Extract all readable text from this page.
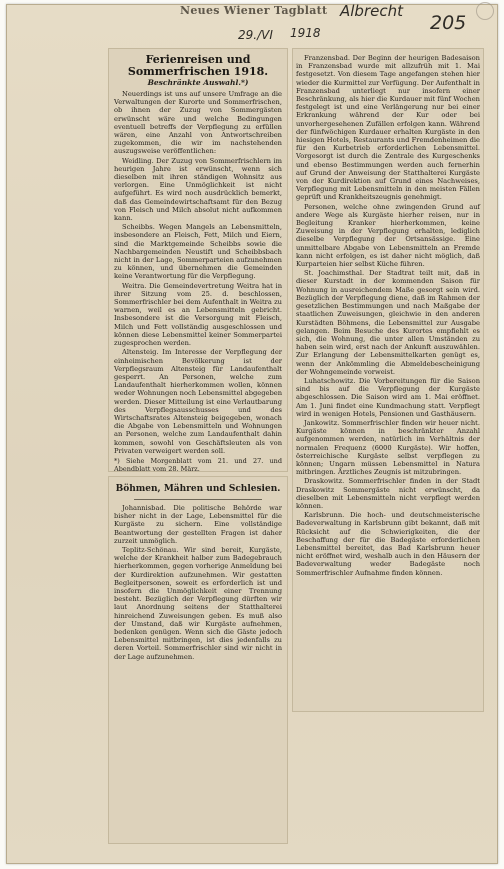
Neues Wiener Tagblatt Albrecht
205
29./VI 1918
Ferienreisen und Sommerfrischen 1918.
Beschränkte Auswahl.*)
Neuerdings ist uns auf unsere Umfrage an die Verwaltungen der Kurorte und Sommerfrischen, ob ihnen der Zuzug von Sommergästen erwünscht wäre und welche Bedingungen eventuell betreffs der Verpflegung zu erfüllen wären, eine Anzahl von Antwortschreiben zugekommen, die wir im nachstehenden auszugsweise veröffentlichen:
Weidling. Der Zuzug von Sommerfrischlern im heurigen Jahre ist erwünscht, wenn sich dieselben mit ihren ständigen Wohnsitz aus verlorgen. Eine Unmöglichkeit ist nicht aufgeführt. Es wird noch ausdrücklich bemerkt, daß das Gemeindewirtschaftsamt für den Bezug von Fleisch und Milch absolut nicht aufkommen kann.
Scheibbs. Wegen Mangels an Lebensmitteln, insbesondere an Fleisch, Fett, Milch und Eiern, sind die Marktgemeinde Scheibbs sowie die Nachbargemeinden Neustift und Scheibbsbach nicht in der Lage, Sommerparteien aufzunehmen zu können, und übernehmen die Gemeinden keine Verantwortung für die Verpflegung.
Weitra. Die Gemeindevertretung Weitra hat in ihrer Sitzung vom 25. d. beschlossen, Sommerfrischler bei dem Aufenthalt in Weitra zu warnen, weil es an Lebensmitteln gebricht. Insbesondere ist die Versorgung mit Fleisch, Milch und Fett vollständig ausgeschlossen und können diese Lebensmittel keiner Sommerpartei zugesprochen werden.
Altensteig. Im Interesse der Verpflegung der einheimischen Bevölkerung ist der Verpflegsraum Altensteig für Landaufenthalt gesperrt. An Personen, welche zum Landaufenthalt hierherkommen wollen, können weder Wohnungen noch Lebensmittel abgegeben werden. Dieser Mitteilung ist eine Verlautbarung des Verpflegsausschusses und des Wirtschaftsrates Altensteig beigegeben, wonach die Abgabe von Lebensmitteln und Wohnungen an Personen, welche zum Landaufenthalt dahin kommen, sowohl von Geschäftsleuten als von Privaten verweigert werden soll.
*) Siehe Morgenblatt vom 21. und 27. und Abendblatt vom 28. März.
Böhmen, Mähren und Schlesien.
Johannisbad. Die politische Behörde war bisher nicht in der Lage, Lebensmittel für die Kurgäste zu sichern. Eine vollständige Beantwortung der gestellten Fragen ist daher zurzeit unmöglich.
Teplitz-Schönau. Wir sind bereit, Kurgäste, welche der Krankheit halber zum Badegebrauch hierherkommen, gegen vorherige Anmeldung bei der Kurdirektion aufzunehmen. Wir gestatten Begleitpersonen, soweit es erforderlich ist und insofern die Unmöglichkeit einer Trennung besteht. Bezüglich der Verpflegung dürften wir laut Anordnung seitens der Statthalterei hinreichend Zuweisungen geben. Es muß also der Umstand, daß wir Kurgäste aufnehmen, bedenken genügen. Wenn sich die Gäste jedoch Lebensmittel mitbringen, ist dies jedenfalls zu deren Vorteil. Sommerfrischler sind wir nicht in der Lage aufzunehmen.
Franzensbad. Der Beginn der heurigen Badesaison in Franzensbad wurde mit allzufrüh mit 1. Mai festgesetzt. Von diesem Tage angefangen stehen hier wieder die Kurmittel zur Verfügung. Der Aufenthalt in Franzensbad unterliegt nur insofern einer Beschränkung, als hier die Kurdauer mit fünf Wochen festgelegt ist und eine Verlängerung nur bei einer Erkrankung während der Kur oder bei unvorhergesehenen Zufällen erfolgen kann. Während der fünfwöchigen Kurdauer erhalten Kurgäste in den hiesigen Hotels, Restaurants und Fremdenheimen die für den Kurbetrieb erforderlichen Lebensmittel. Vorgesorgt ist durch die Zentrale des Kurgeschenks und ebenso Bestimmungen werden auch fernerhin auf Grund der Anweisung der Statthalterei Kurgäste von der Kurdirektion auf Grund eines Nachweises, Verpflegung mit Lebensmitteln in den meisten Fällen geprüft und Krankheitszeugnis genehmigt.
Personen, welche ohne zwingenden Grund auf andere Wege als Kurgäste hierher reisen, nur in Begleitung Kranker hierherkommen, keine Zuweisung in der Verpflegung erhalten, lediglich dieselbe Verpflegung der Ortsansässige. Eine unmittelbare Abgabe von Lebensmitteln an Fremde kann nicht erfolgen, es ist daher nicht möglich, daß Kurparteien hier selbst Küche führen.
St. Joachimsthal. Der Stadtrat teilt mit, daß in dieser Kurstadt in der kommenden Saison für Wohnung in ausreichendem Maße gesorgt sein wird. Bezüglich der Verpflegung diene, daß im Rahmen der gesetzlichen Bestimmungen und nach Maßgabe der staatlichen Zuweisungen, gleichwie in den anderen Kurstädten Böhmens, die Lebensmittel zur Ausgabe gelangen. Beim Besuche des Kurortes empfiehlt es sich, die Wohnung, die unter allen Umständen zu haben sein wird, erst nach der Ankunft auszuwählen. Zur Erlangung der Lebensmittelkarten genügt es, wenn der Ankömmling die Abmeldebescheinigung der Wohngemeinde vorweist.
Luhatschowitz. Die Vorbereitungen für die Saison sind bis auf die Verpflegung der Kurgäste abgeschlossen. Die Saison wird am 1. Mai eröffnet. Am 1. Juni findet eine Kundmachung statt. Verpflegt wird in wenigen Hotels, Pensionen und Gasthäusern.
Jankowitz. Sommerfrischler finden wir heuer nicht. Kurgäste können in beschränkter Anzahl aufgenommen werden, natürlich im Verhältnis der normalen Frequenz (6000 Kurgäste). Wir hoffen, österreichische Kurgäste selbst verpflegen zu können; Ungarn müssen Lebensmittel in Natura mitbringen. Ärztliches Zeugnis ist mitzubringen.
Draskowitz. Sommerfrischler finden in der Stadt Draskowitz Sommergäste nicht erwünscht, da dieselben mit Lebensmitteln nicht verpflegt werden können.
Karlsbrunn. Die hoch- und deutschmeisterische Badeverwaltung in Karlsbrunn gibt bekannt, daß mit Rücksicht auf die Schwierigkeiten, die der Beschaffung der für die Badegäste erforderlichen Lebensmittel bereitet, das Bad Karlsbrunn heuer nicht eröffnet wird, weshalb auch in den Häusern der Badeverwaltung weder Badegäste noch Sommerfrischler Aufnahme finden können.
